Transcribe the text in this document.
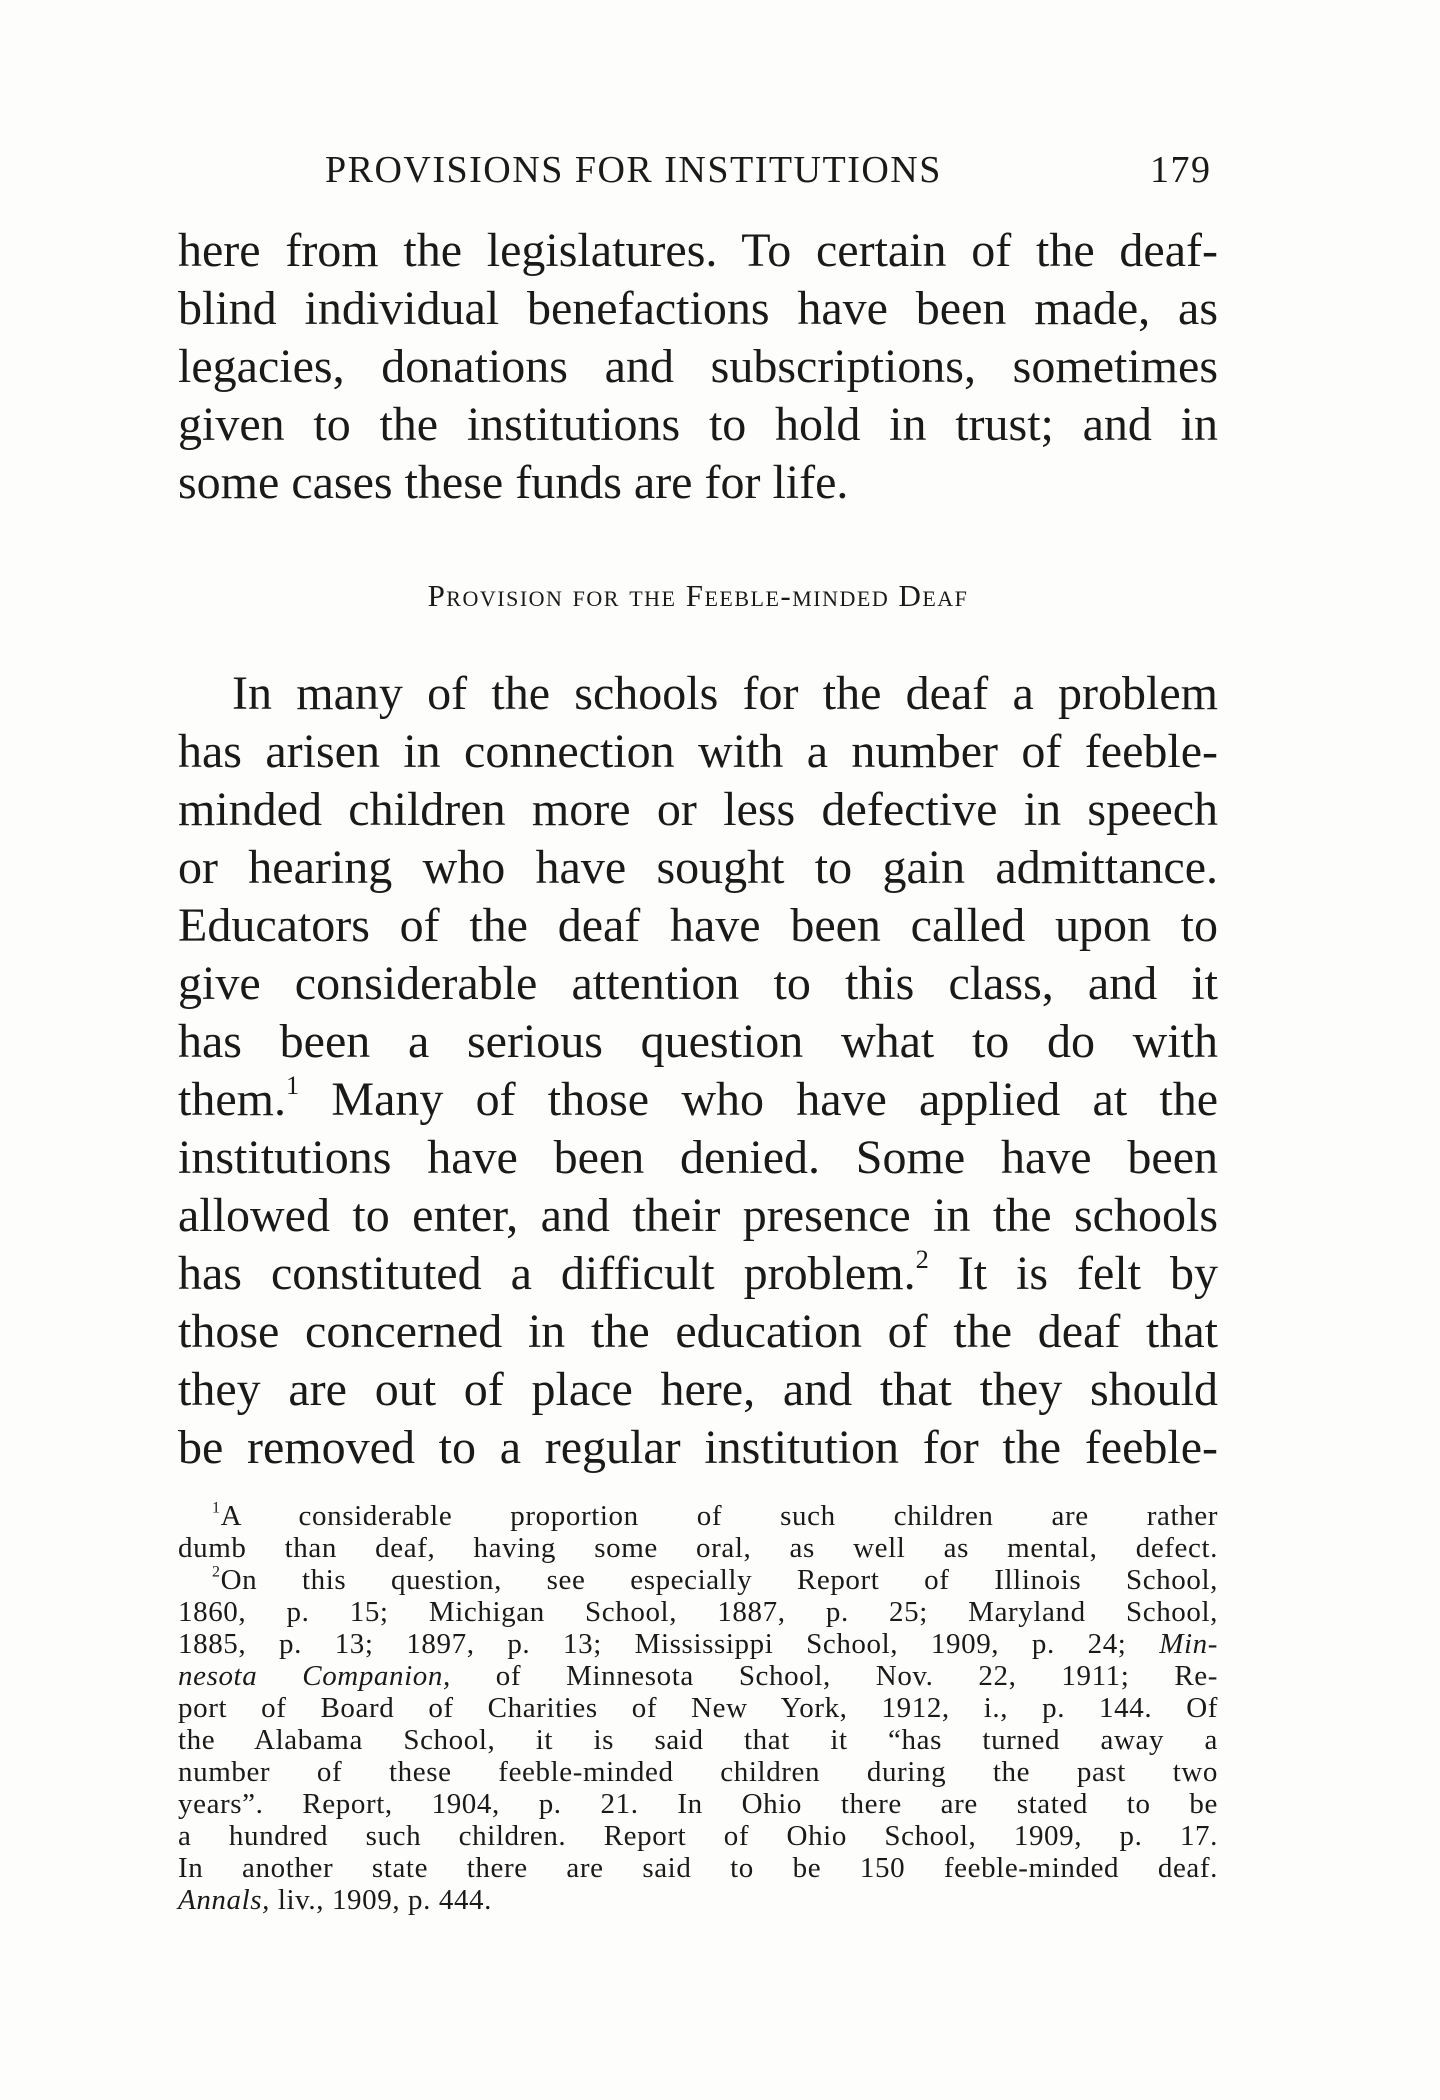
PROVISIONS FOR INSTITUTIONS	179
here from the legislatures. To certain of the deaf-
blind individual benefactions have been made, as
legacies, donations and subscriptions, sometimes
given to the institutions to hold in trust; and in
some cases these funds are for life.
Provision for the Feeble-minded Deaf
In many of the schools for the deaf a problem
has arisen in connection with a number of feeble-
minded children more or less defective in speech
or hearing who have sought to gain admittance.
Educators of the deaf have been called upon to
give considerable attention to this class, and it
has been a serious question what to do with
them.$^1$ Many of those who have applied at the
institutions have been denied. Some have been
allowed to enter, and their presence in the schools
has constituted a difficult problem.$^2$ It is felt by
those concerned in the education of the deaf that
they are out of place here, and that they should
be removed to a regular institution for the feeble-
$^1$A considerable proportion of such children are rather
dumb than deaf, having some oral, as well as mental, defect.
$^2$On this question, see especially Report of Illinois School,
1860, p. 15; Michigan School, 1887, p. 25; Maryland School,
1885, p. 13; 1897, p. 13; Mississippi School, 1909, p. 24; Min-
nesota Companion, of Minnesota School, Nov. 22, 1911; Re-
port of Board of Charities of New York, 1912, i., p. 144. Of
the Alabama School, it is said that it “has turned away a
number of these feeble-minded children during the past two
years”. Report, 1904, p. 21. In Ohio there are stated to be
a hundred such children. Report of Ohio School, 1909, p. 17.
In another state there are said to be 150 feeble-minded deaf.
Annals, liv., 1909, p. 444.
